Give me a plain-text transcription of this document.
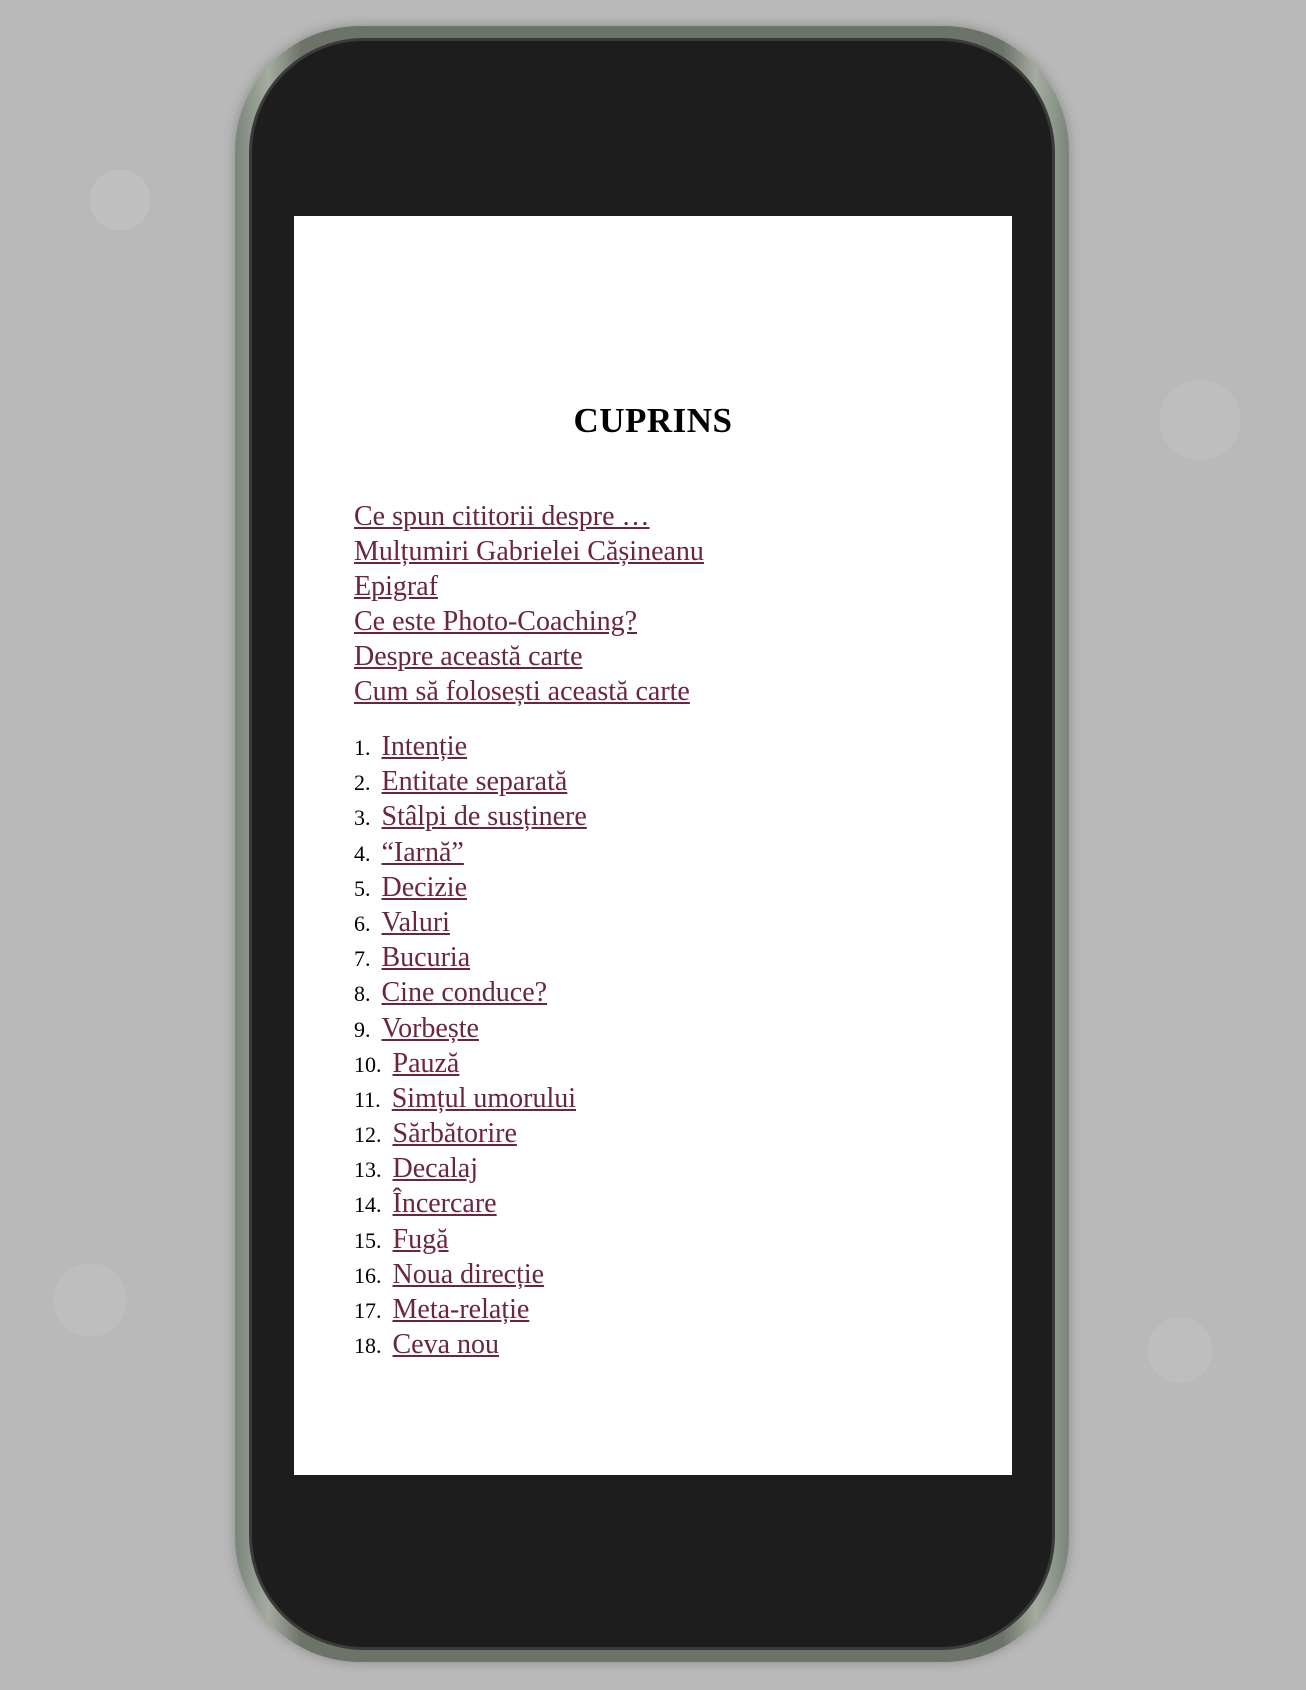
CUPRINS
Ce spun cititorii despre …
Mulțumiri Gabrielei Cășineanu
Epigraf
Ce este Photo-Coaching?
Despre această carte
Cum să folosești această carte
1. Intenție
2. Entitate separată
3. Stâlpi de susținere
4. “Iarnă”
5. Decizie
6. Valuri
7. Bucuria
8. Cine conduce?
9. Vorbește
10. Pauză
11. Simțul umorului
12. Sărbătorire
13. Decalaj
14. Încercare
15. Fugă
16. Noua direcție
17. Meta-relație
18. Ceva nou
